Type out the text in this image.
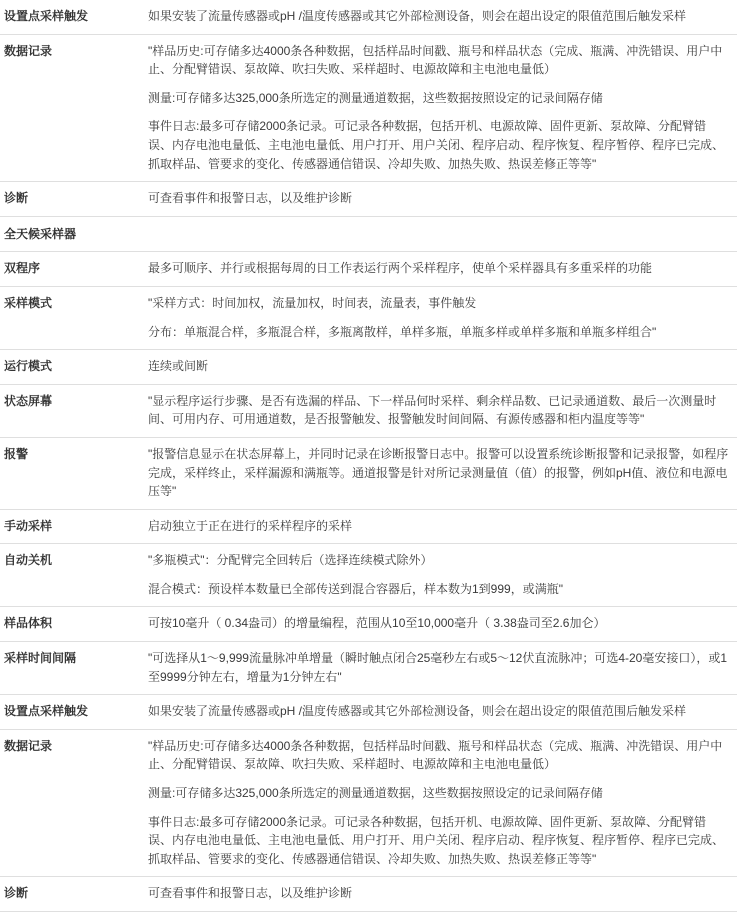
设置点采样触发	如果安装了流量传感器或pH /温度传感器或其它外部检测设备，则会在超出设定的限值范围后触发采样

数据记录	"样品历史:可存储多达4000条各种数据，包括样品时间戳、瓶号和样品状态（完成、瓶满、冲洗错误、用户中止、分配臂错误、泵故障、吹扫失败、采样超时、电源故障和主电池电量低）

测量:可存储多达325,000条所选定的测量通道数据，这些数据按照设定的记录间隔存储

事件日志:最多可存储2000条记录。可记录各种数据，包括开机、电源故障、固件更新、泵故障、分配臂错误、内存电池电量低、主电池电量低、用户打开、用户关闭、程序启动、程序恢复、程序暂停、程序已完成、抓取样品、管要求的变化、传感器通信错误、冷却失败、加热失败、热误差修正等等"

诊断	可查看事件和报警日志，以及维护诊断

全天候采样器	
双程序	最多可顺序、并行或根据每周的日工作表运行两个采样程序，使单个采样器具有多重采样的功能

采样模式	"采样方式：时间加权，流量加权，时间表，流量表，事件触发

分布：单瓶混合样，多瓶混合样，多瓶离散样，单样多瓶，单瓶多样或单样多瓶和单瓶多样组合"

运行模式	连续或间断

状态屏幕	"显示程序运行步骤、是否有选漏的样品、下一样品何时采样、剩余样品数、已记录通道数、最后一次测量时间、可用内存、可用通道数，是否报警触发、报警触发时间间隔、有源传感器和柜内温度等等"

报警	"报警信息显示在状态屏幕上，并同时记录在诊断报警日志中。报警可以设置系统诊断报警和记录报警，如程序完成，采样终止，采样漏源和满瓶等。通道报警是针对所记录测量值（值）的报警，例如pH值、液位和电源电压等"

手动采样	启动独立于正在进行的采样程序的采样

自动关机	"多瓶模式"：分配臂完全回转后（选择连续模式除外）

混合模式：预设样本数量已全部传送到混合容器后，样本数为1到999，或满瓶"

样品体积	可按10毫升（ 0.34盎司）的增量编程，范围从10至10,000毫升（ 3.38盎司至2.6加仑）

采样时间间隔	"可选择从1～9,999流量脉冲单增量（瞬时触点闭合25毫秒左右或5～12伏直流脉冲；可选4-20毫安接口），或1至9999分钟左右，增量为1分钟左右"

设置点采样触发	如果安装了流量传感器或pH /温度传感器或其它外部检测设备，则会在超出设定的限值范围后触发采样

数据记录	"样品历史:可存储多达4000条各种数据，包括样品时间戳、瓶号和样品状态（完成、瓶满、冲洗错误、用户中止、分配臂错误、泵故障、吹扫失败、采样超时、电源故障和主电池电量低）

测量:可存储多达325,000条所选定的测量通道数据，这些数据按照设定的记录间隔存储

事件日志:最多可存储2000条记录。可记录各种数据，包括开机、电源故障、固件更新、泵故障、分配臂错误、内存电池电量低、主电池电量低、用户打开、用户关闭、程序启动、程序恢复、程序暂停、程序已完成、抓取样品、管要求的变化、传感器通信错误、冷却失败、加热失败、热误差修正等等"

诊断	可查看事件和报警日志，以及维护诊断
